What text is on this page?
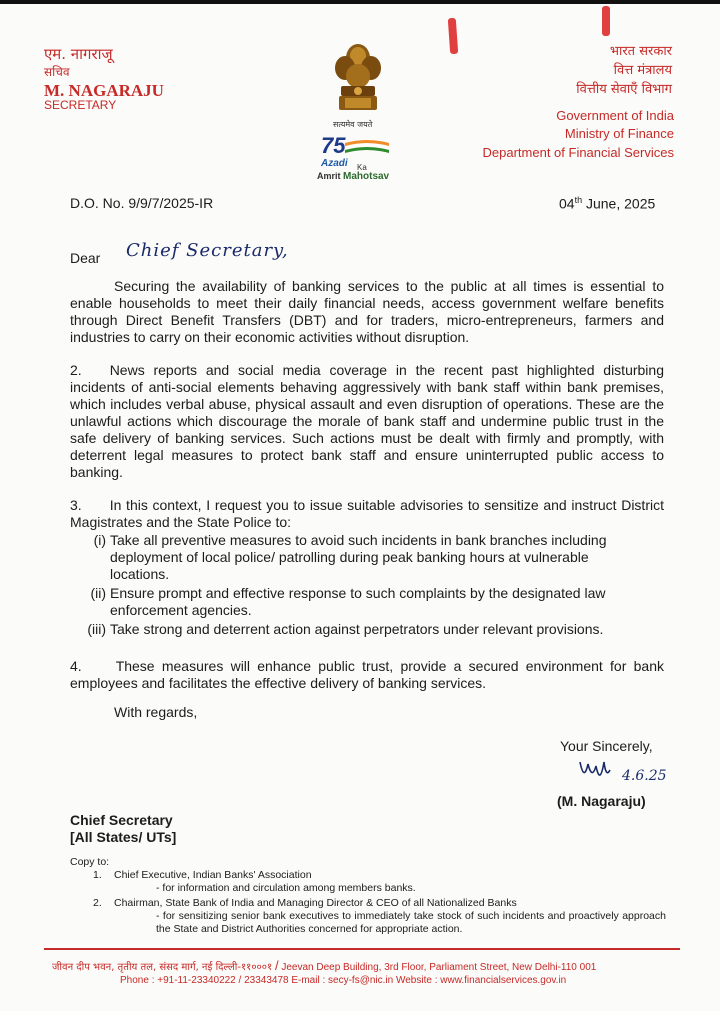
एम. नागराजू
सचिव
M. NAGARAJU
SECRETARY
सत्यमेव जयते
75
Azadi Ka
Amrit Mahotsav
भारत सरकार
वित्त मंत्रालय
वित्तीय सेवाएँ विभाग
Government of India
Ministry of Finance
Department of Financial Services
D.O. No. 9/9/7/2025-IR	04th June, 2025
Dear Chief Secretary,
Securing the availability of banking services to the public at all times is essential to enable households to meet their daily financial needs, access government welfare benefits through Direct Benefit Transfers (DBT) and for traders, micro-entrepreneurs, farmers and industries to carry on their economic activities without disruption.
2. News reports and social media coverage in the recent past highlighted disturbing incidents of anti-social elements behaving aggressively with bank staff within bank premises, which includes verbal abuse, physical assault and even disruption of operations. These are the unlawful actions which discourage the morale of bank staff and undermine public trust in the safe delivery of banking services. Such actions must be dealt with firmly and promptly, with deterrent legal measures to protect bank staff and ensure uninterrupted public access to banking.
3. In this context, I request you to issue suitable advisories to sensitize and instruct District Magistrates and the State Police to:
(i) Take all preventive measures to avoid such incidents in bank branches including deployment of local police/ patrolling during peak banking hours at vulnerable locations.
(ii) Ensure prompt and effective response to such complaints by the designated law enforcement agencies.
(iii) Take strong and deterrent action against perpetrators under relevant provisions.
4. These measures will enhance public trust, provide a secured environment for bank employees and facilitates the effective delivery of banking services.
With regards,
Your Sincerely,
4.6.25
(M. Nagaraju)
Chief Secretary
[All States/ UTs]
Copy to:
1. Chief Executive, Indian Banks' Association
- for information and circulation among members banks.
2. Chairman, State Bank of India and Managing Director & CEO of all Nationalized Banks
- for sensitizing senior bank executives to immediately take stock of such incidents and proactively approach the State and District Authorities concerned for appropriate action.
जीवन दीप भवन, तृतीय तल, संसद मार्ग, नई दिल्ली-११०००१ / Jeevan Deep Building, 3rd Floor, Parliament Street, New Delhi-110 001
Phone : +91-11-23340222 / 23343478 E-mail : secy-fs@nic.in Website : www.financialservices.gov.in
